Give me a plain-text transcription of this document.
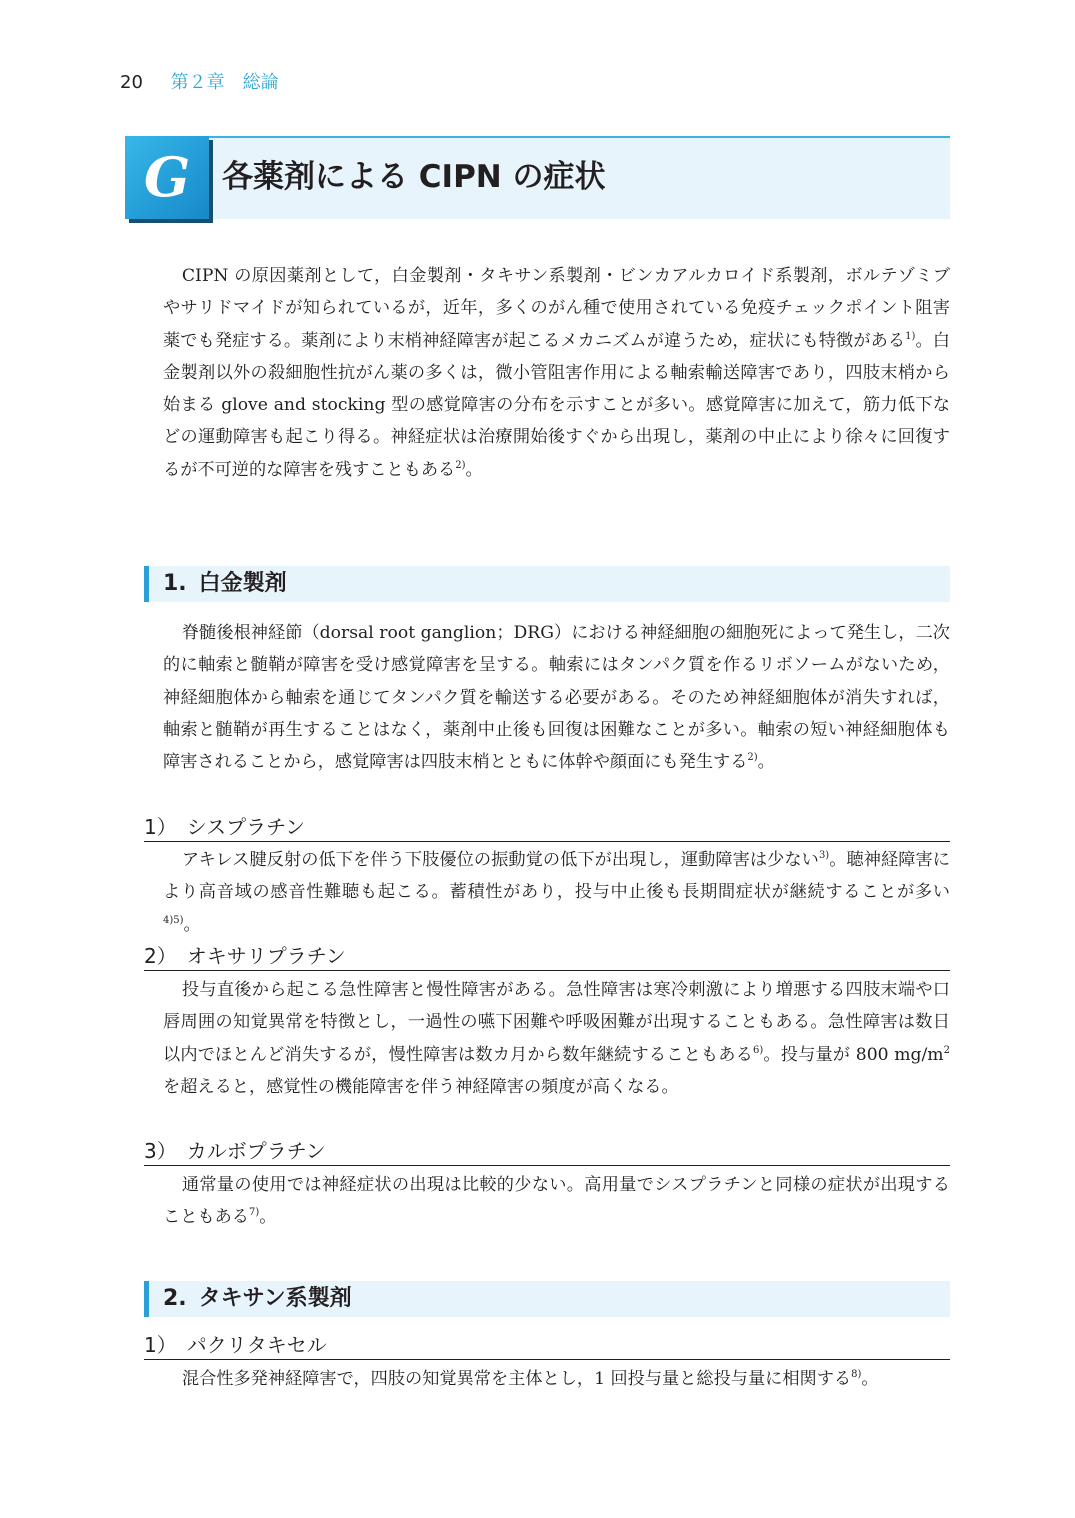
20 第２章　総論
G	各薬剤による CIPN の症状

CIPN の原因薬剤として，白金製剤・タキサン系製剤・ビンカアルカロイド系製剤，ボルテゾミブやサリドマイドが知られているが，近年，多くのがん種で使用されている免疫チェックポイント阻害薬でも発症する。薬剤により末梢神経障害が起こるメカニズムが違うため，症状にも特徴がある$^{1)}$。白金製剤以外の殺細胞性抗がん薬の多くは，微小管阻害作用による軸索輸送障害であり，四肢末梢から始まる glove and stocking 型の感覚障害の分布を示すことが多い。感覚障害に加えて，筋力低下などの運動障害も起こり得る。神経症状は治療開始後すぐから出現し，薬剤の中止により徐々に回復するが不可逆的な障害を残すこともある$^{2)}$。

1. 白金製剤

脊髄後根神経節（dorsal root ganglion；DRG）における神経細胞の細胞死によって発生し，二次的に軸索と髄鞘が障害を受け感覚障害を呈する。軸索にはタンパク質を作るリボソームがないため，神経細胞体から軸索を通じてタンパク質を輸送する必要がある。そのため神経細胞体が消失すれば，軸索と髄鞘が再生することはなく，薬剤中止後も回復は困難なことが多い。軸索の短い神経細胞体も障害されることから，感覚障害は四肢末梢とともに体幹や顔面にも発生する$^{2)}$。

1） シスプラチン

アキレス腱反射の低下を伴う下肢優位の振動覚の低下が出現し，運動障害は少ない$^{3)}$。聴神経障害により高音域の感音性難聴も起こる。蓄積性があり，投与中止後も長期間症状が継続することが多い$^{4)5)}$。

2） オキサリプラチン

投与直後から起こる急性障害と慢性障害がある。急性障害は寒冷刺激により増悪する四肢末端や口唇周囲の知覚異常を特徴とし，一過性の嚥下困難や呼吸困難が出現することもある。急性障害は数日以内でほとんど消失するが，慢性障害は数カ月から数年継続することもある$^{6)}$。投与量が 800 $mg/m^2$を超えると，感覚性の機能障害を伴う神経障害の頻度が高くなる。

3） カルボプラチン

通常量の使用では神経症状の出現は比較的少ない。高用量でシスプラチンと同様の症状が出現することもある$^{7)}$。

2. タキサン系製剤
1） パクリタキセル

混合性多発神経障害で，四肢の知覚異常を主体とし，1 回投与量と総投与量に相関する$^{8)}$。
